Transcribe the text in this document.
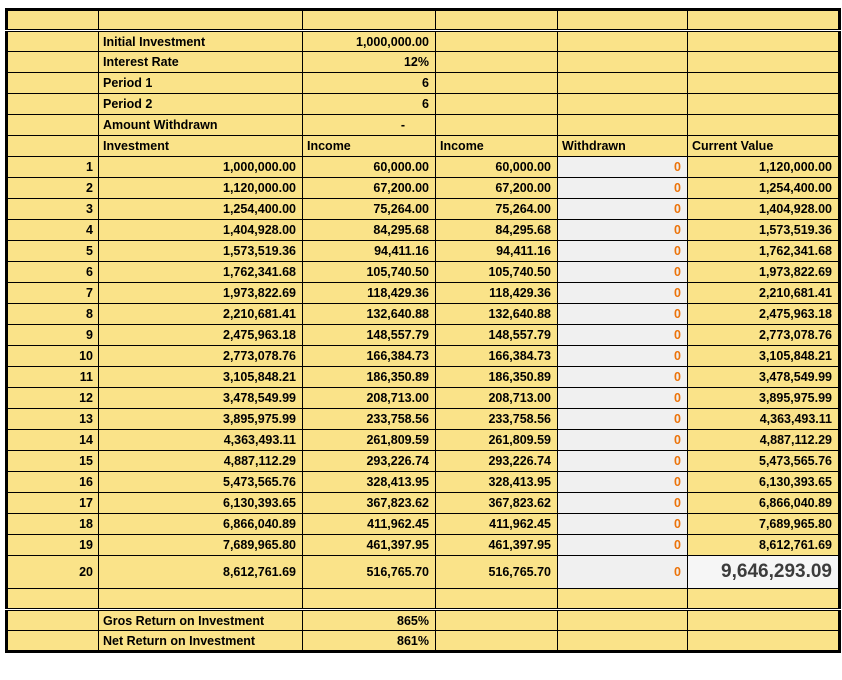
	Initial Investment	1,000,000.00			
	Interest Rate	12%			
	Period 1	6			
	Period 2	6			
	Amount Withdrawn	-			
	Investment	Income	Income	Withdrawn	Current Value
1	1,000,000.00	60,000.00	60,000.00	0	1,120,000.00
2	1,120,000.00	67,200.00	67,200.00	0	1,254,400.00
3	1,254,400.00	75,264.00	75,264.00	0	1,404,928.00
4	1,404,928.00	84,295.68	84,295.68	0	1,573,519.36
5	1,573,519.36	94,411.16	94,411.16	0	1,762,341.68
6	1,762,341.68	105,740.50	105,740.50	0	1,973,822.69
7	1,973,822.69	118,429.36	118,429.36	0	2,210,681.41
8	2,210,681.41	132,640.88	132,640.88	0	2,475,963.18
9	2,475,963.18	148,557.79	148,557.79	0	2,773,078.76
10	2,773,078.76	166,384.73	166,384.73	0	3,105,848.21
11	3,105,848.21	186,350.89	186,350.89	0	3,478,549.99
12	3,478,549.99	208,713.00	208,713.00	0	3,895,975.99
13	3,895,975.99	233,758.56	233,758.56	0	4,363,493.11
14	4,363,493.11	261,809.59	261,809.59	0	4,887,112.29
15	4,887,112.29	293,226.74	293,226.74	0	5,473,565.76
16	5,473,565.76	328,413.95	328,413.95	0	6,130,393.65
17	6,130,393.65	367,823.62	367,823.62	0	6,866,040.89
18	6,866,040.89	411,962.45	411,962.45	0	7,689,965.80
19	7,689,965.80	461,397.95	461,397.95	0	8,612,761.69
20	8,612,761.69	516,765.70	516,765.70	0	9,646,293.09

	Gros Return on Investment	865%			
	Net Return on Investment	861%			
